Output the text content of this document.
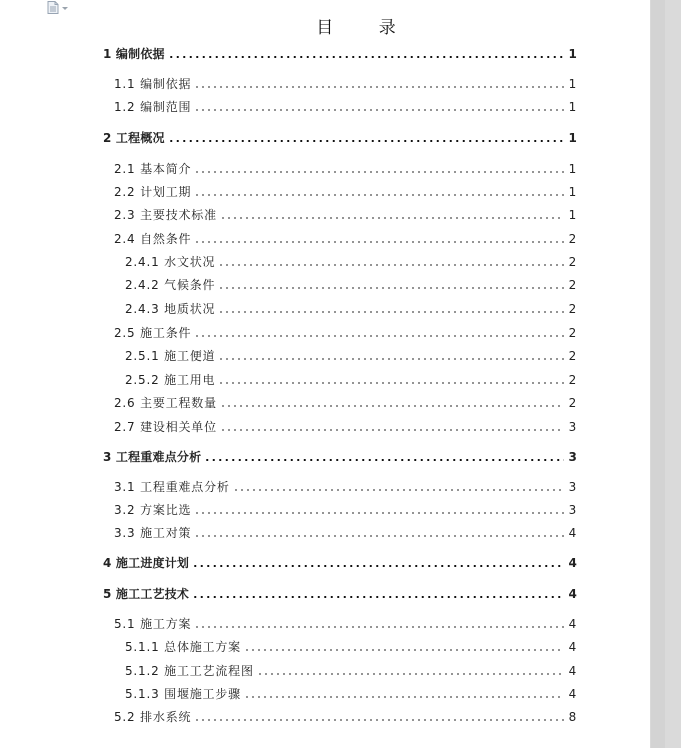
目 录
1 编制依据	1
1.1 编制依据	1
1.2 编制范围	1
2 工程概况	1
2.1 基本简介	1
2.2 计划工期	1
2.3 主要技术标准	1
2.4 自然条件	2
2.4.1 水文状况	2
2.4.2 气候条件	2
2.4.3 地质状况	2
2.5 施工条件	2
2.5.1 施工便道	2
2.5.2 施工用电	2
2.6 主要工程数量	2
2.7 建设相关单位	3
3 工程重难点分析	3
3.1 工程重难点分析	3
3.2 方案比选	3
3.3 施工对策	4
4 施工进度计划	4
5 施工工艺技术	4
5.1 施工方案	4
5.1.1 总体施工方案	4
5.1.2 施工工艺流程图	4
5.1.3 围堰施工步骤	4
5.2 排水系统	8
